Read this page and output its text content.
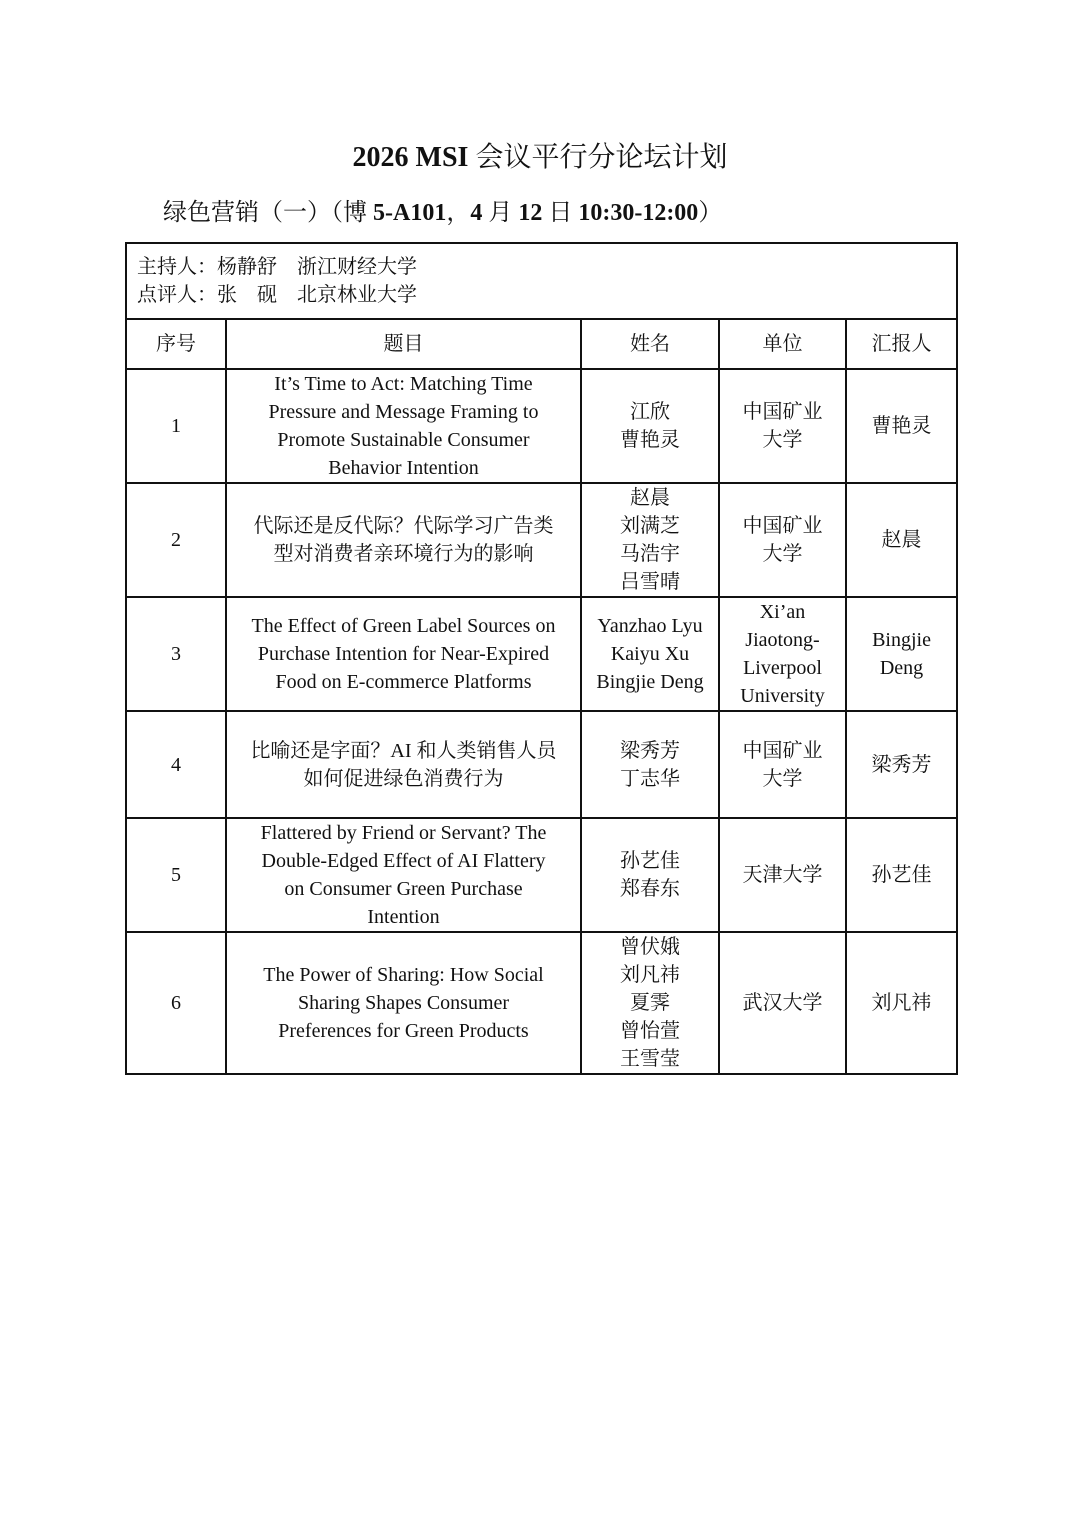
2026 MSI 会议平行分论坛计划
绿色营销（一）（博 5-A101，4 月 12 日 10:30-12:00）
主持人：杨静舒    浙江财经大学
点评人：张    砚    北京林业大学				

序号	题目	姓名	单位	汇报人
1	It’s Time to Act: Matching Time
Pressure and Message Framing to
Promote Sustainable Consumer
Behavior Intention	江欣
曹艳灵	中国矿业
大学	曹艳灵

2	代际还是反代际？代际学习广告类
型对消费者亲环境行为的影响	赵晨
刘满芝
马浩宇
吕雪晴	中国矿业
大学	赵晨

3	The Effect of Green Label Sources on
Purchase Intention for Near-Expired
Food on E-commerce Platforms	Yanzhao Lyu
Kaiyu Xu
Bingjie Deng	Xi’an
Jiaotong-
Liverpool
University	Bingjie
Deng

4	比喻还是字面？AI 和人类销售人员
如何促进绿色消费行为	梁秀芳
丁志华	中国矿业
大学	梁秀芳

5	Flattered by Friend or Servant? The
Double-Edged Effect of AI Flattery
on Consumer Green Purchase
Intention	孙艺佳
郑春东	天津大学	孙艺佳

6	The Power of Sharing: How Social
Sharing Shapes Consumer
Preferences for Green Products	曾伏娥
刘凡祎
夏霁
曾怡萱
王雪莹	武汉大学	刘凡祎
